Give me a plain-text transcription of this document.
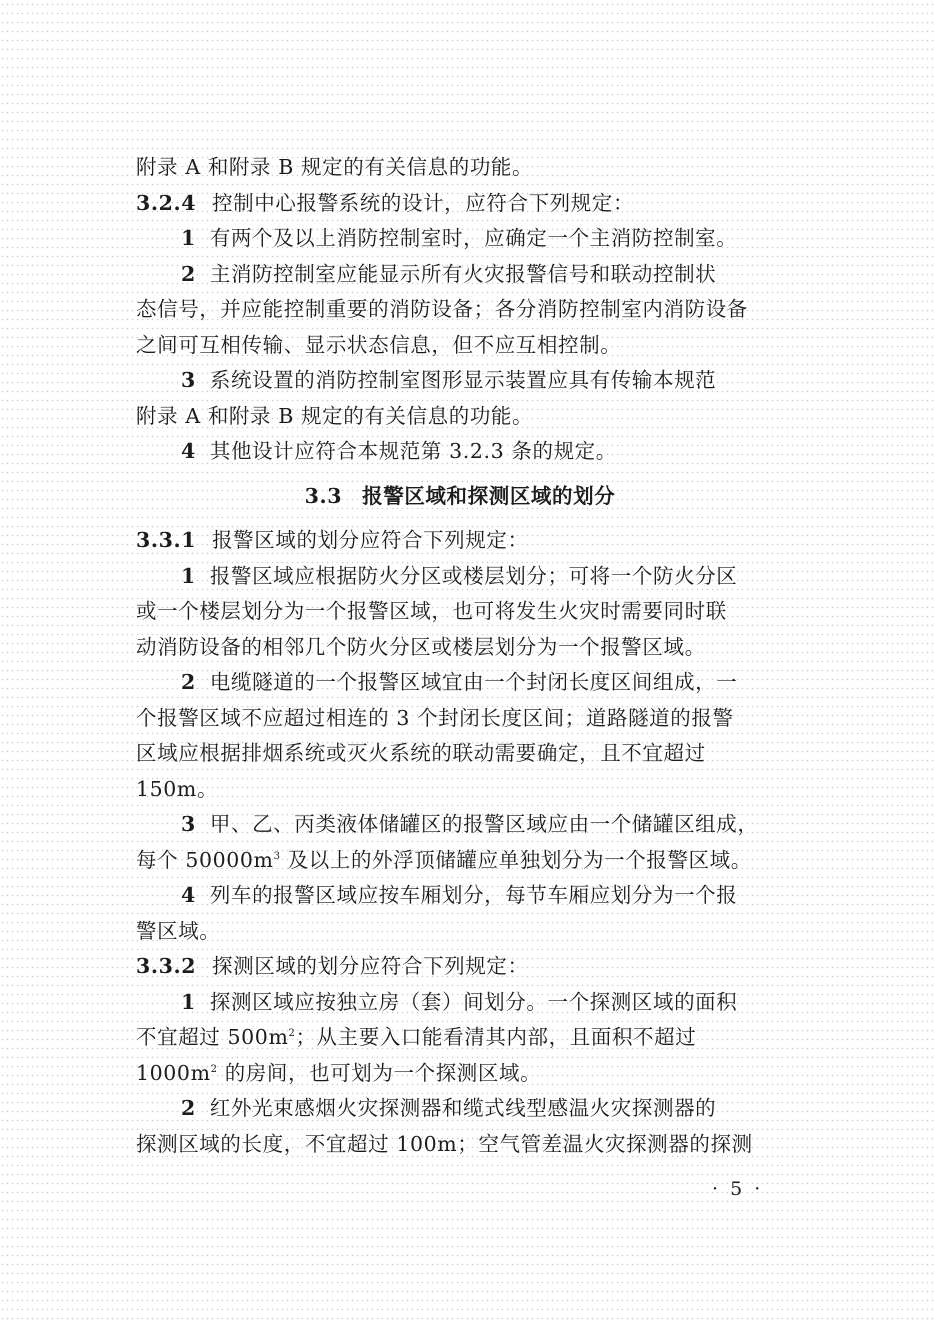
附录 A 和附录 B 规定的有关信息的功能。
3.2.4 控制中心报警系统的设计，应符合下列规定：
1 有两个及以上消防控制室时，应确定一个主消防控制室。
2 主消防控制室应能显示所有火灾报警信号和联动控制状
态信号，并应能控制重要的消防设备；各分消防控制室内消防设备
之间可互相传输、显示状态信息，但不应互相控制。
3 系统设置的消防控制室图形显示装置应具有传输本规范
附录 A 和附录 B 规定的有关信息的功能。
4 其他设计应符合本规范第 3.2.3 条的规定。
3.3 报警区域和探测区域的划分
3.3.1 报警区域的划分应符合下列规定：
1 报警区域应根据防火分区或楼层划分；可将一个防火分区
或一个楼层划分为一个报警区域，也可将发生火灾时需要同时联
动消防设备的相邻几个防火分区或楼层划分为一个报警区域。
2 电缆隧道的一个报警区域宜由一个封闭长度区间组成，一
个报警区域不应超过相连的 3 个封闭长度区间；道路隧道的报警
区域应根据排烟系统或灭火系统的联动需要确定，且不宜超过
150m。
3 甲、乙、丙类液体储罐区的报警区域应由一个储罐区组成，
每个 $50000m^3$ 及以上的外浮顶储罐应单独划分为一个报警区域。
4 列车的报警区域应按车厢划分，每节车厢应划分为一个报
警区域。
3.3.2 探测区域的划分应符合下列规定：
1 探测区域应按独立房（套）间划分。一个探测区域的面积
不宜超过 $500m^2$；从主要入口能看清其内部，且面积不超过
$1000m^2$ 的房间，也可划为一个探测区域。
2 红外光束感烟火灾探测器和缆式线型感温火灾探测器的
探测区域的长度，不宜超过 100m；空气管差温火灾探测器的探测
· 5 ·
